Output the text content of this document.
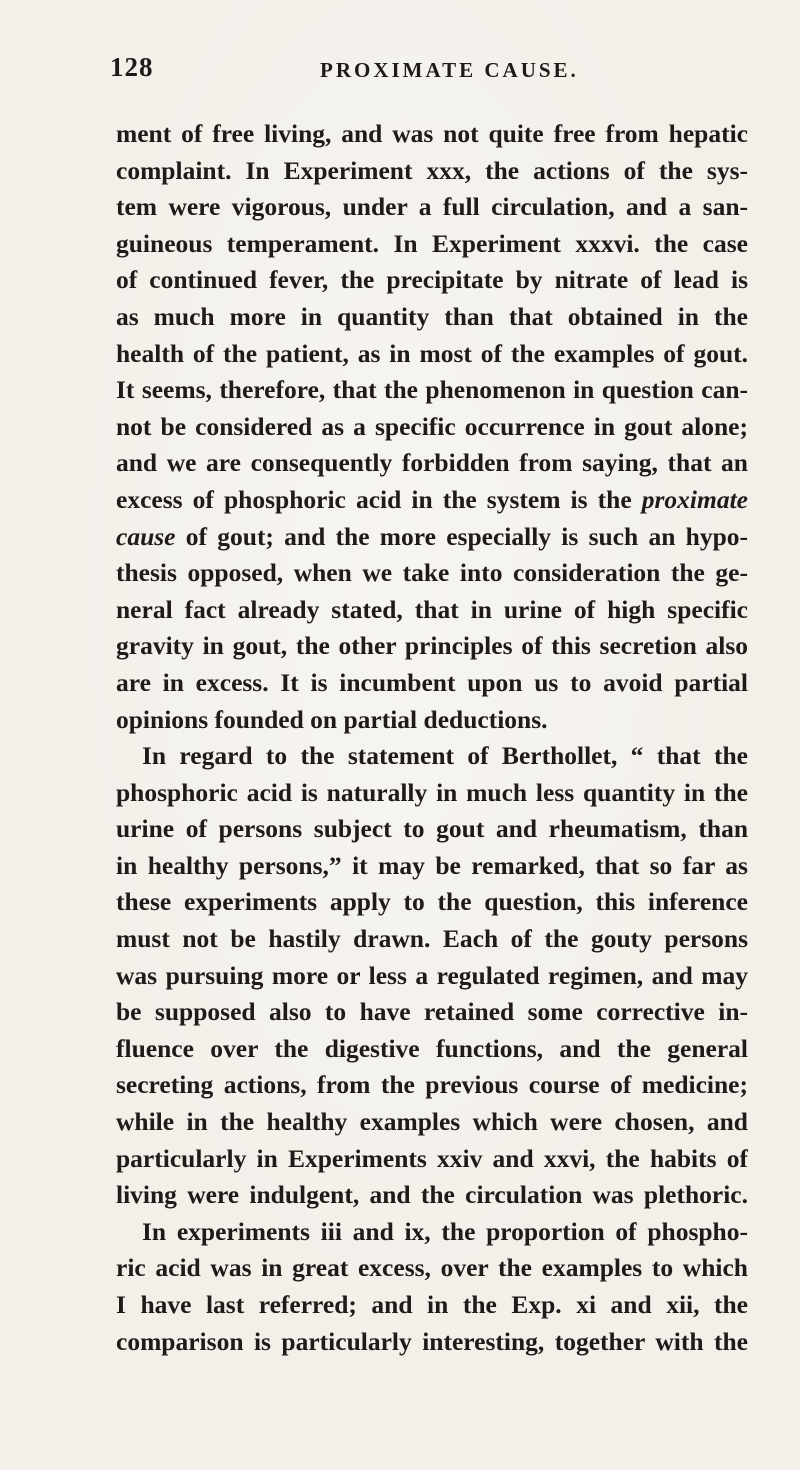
128	PROXIMATE CAUSE.
ment of free living, and was not quite free from hepatic
complaint. In Experiment xxx, the actions of the sys-
tem were vigorous, under a full circulation, and a san-
guineous temperament. In Experiment xxxvi. the case
of continued fever, the precipitate by nitrate of lead is
as much more in quantity than that obtained in the
health of the patient, as in most of the examples of gout.
It seems, therefore, that the phenomenon in question can-
not be considered as a specific occurrence in gout alone;
and we are consequently forbidden from saying, that an
excess of phosphoric acid in the system is the proximate
cause of gout; and the more especially is such an hypo-
thesis opposed, when we take into consideration the ge-
neral fact already stated, that in urine of high specific
gravity in gout, the other principles of this secretion also
are in excess. It is incumbent upon us to avoid partial
opinions founded on partial deductions.
In regard to the statement of Berthollet, “ that the
phosphoric acid is naturally in much less quantity in the
urine of persons subject to gout and rheumatism, than
in healthy persons,” it may be remarked, that so far as
these experiments apply to the question, this inference
must not be hastily drawn. Each of the gouty persons
was pursuing more or less a regulated regimen, and may
be supposed also to have retained some corrective in-
fluence over the digestive functions, and the general
secreting actions, from the previous course of medicine;
while in the healthy examples which were chosen, and
particularly in Experiments xxiv and xxvi, the habits of
living were indulgent, and the circulation was plethoric.
In experiments iii and ix, the proportion of phospho-
ric acid was in great excess, over the examples to which
I have last referred; and in the Exp. xi and xii, the
comparison is particularly interesting, together with the
